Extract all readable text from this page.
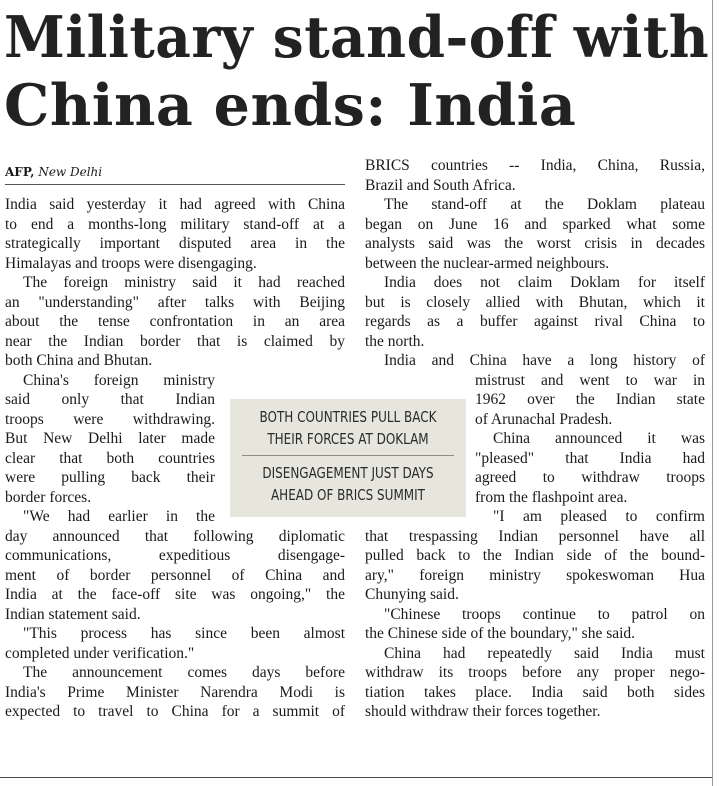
Military stand-off with
China ends: India
AFP, New Delhi
India said yesterday it had agreed with China
to end a months-long military stand-off at a
strategically important disputed area in the
Himalayas and troops were disengaging.
The foreign ministry said it had reached
an "understanding" after talks with Beijing
about the tense confrontation in an area
near the Indian border that is claimed by
both China and Bhutan.
China's foreign ministry
said only that Indian
troops were withdrawing.
But New Delhi later made
clear that both countries
were pulling back their
border forces.
"We had earlier in the
day announced that following diplomatic
communications, expeditious disengage-
ment of border personnel of China and
India at the face-off site was ongoing," the
Indian statement said.
"This process has since been almost
completed under verification."
The announcement comes days before
India's Prime Minister Narendra Modi is
expected to travel to China for a summit of
BRICS countries -- India, China, Russia,
Brazil and South Africa.
The stand-off at the Doklam plateau
began on June 16 and sparked what some
analysts said was the worst crisis in decades
between the nuclear-armed neighbours.
India does not claim Doklam for itself
but is closely allied with Bhutan, which it
regards as a buffer against rival China to
the north.
India and China have a long history of
mistrust and went to war in
1962 over the Indian state
of Arunachal Pradesh.
China announced it was
"pleased" that India had
agreed to withdraw troops
from the flashpoint area.
"I am pleased to confirm
that trespassing Indian personnel have all
pulled back to the Indian side of the bound-
ary," foreign ministry spokeswoman Hua
Chunying said.
"Chinese troops continue to patrol on
the Chinese side of the boundary," she said.
China had repeatedly said India must
withdraw its troops before any proper nego-
tiation takes place. India said both sides
should withdraw their forces together.
BOTH COUNTRIES PULL BACK
THEIR FORCES AT DOKLAM
DISENGAGEMENT JUST DAYS
AHEAD OF BRICS SUMMIT
